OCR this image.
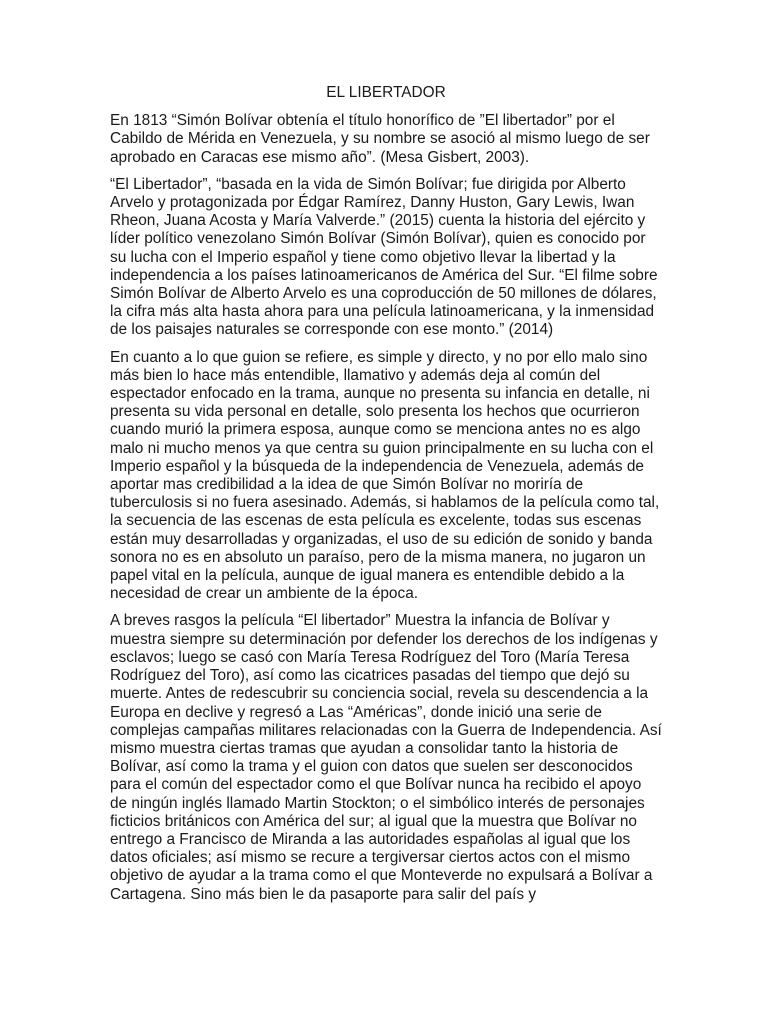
EL LIBERTADOR

En 1813 “Simón Bolívar obtenía el título honorífico de ”El libertador” por el Cabildo de Mérida en Venezuela, y su nombre se asoció al mismo luego de ser aprobado en Caracas ese mismo año”. (Mesa Gisbert, 2003).

“El Libertador”, “basada en la vida de Simón Bolívar; fue dirigida por Alberto Arvelo y protagonizada por Édgar Ramírez, Danny Huston, Gary Lewis, Iwan Rheon, Juana Acosta y María Valverde.” (2015) cuenta la historia del ejército y líder político venezolano Simón Bolívar (Simón Bolívar), quien es conocido por su lucha con el Imperio español y tiene como objetivo llevar la libertad y la independencia a los países latinoamericanos de América del Sur. “El filme sobre Simón Bolívar de Alberto Arvelo es una coproducción de 50 millones de dólares, la cifra más alta hasta ahora para una película latinoamericana, y la inmensidad de los paisajes naturales se corresponde con ese monto.” (2014)

En cuanto a lo que guion se refiere, es simple y directo, y no por ello malo sino más bien lo hace más entendible, llamativo y además deja al común del espectador enfocado en la trama, aunque no presenta su infancia en detalle, ni presenta su vida personal en detalle, solo presenta los hechos que ocurrieron cuando murió la primera esposa, aunque como se menciona antes no es algo malo ni mucho menos ya que centra su guion principalmente en su lucha con el Imperio español y la búsqueda de la independencia de Venezuela, además de aportar mas credibilidad a la idea de que Simón Bolívar no moriría de tuberculosis si no fuera asesinado. Además, si hablamos de la película como tal, la secuencia de las escenas de esta película es excelente, todas sus escenas están muy desarrolladas y organizadas, el uso de su edición de sonido y banda sonora no es en absoluto un paraíso, pero de la misma manera, no jugaron un papel vital en la película, aunque de igual manera es entendible debido a la necesidad de crear un ambiente de la época.

A breves rasgos la película “El libertador” Muestra la infancia de Bolívar y muestra siempre su determinación por defender los derechos de los indígenas y esclavos; luego se casó con María Teresa Rodríguez del Toro (María Teresa Rodríguez del Toro), así como las cicatrices pasadas del tiempo que dejó su muerte. Antes de redescubrir su conciencia social, revela su descendencia a la Europa en declive y regresó a Las “Américas”, donde inició una serie de complejas campañas militares relacionadas con la Guerra de Independencia. Así mismo muestra ciertas tramas que ayudan a consolidar tanto la historia de Bolívar, así como la trama y el guion con datos que suelen ser desconocidos para el común del espectador como el que Bolívar nunca ha recibido el apoyo de ningún inglés llamado Martin Stockton; o el simbólico interés de personajes ficticios británicos con América del sur; al igual que la muestra que Bolívar no entrego a Francisco de Miranda a las autoridades españolas al igual que los datos oficiales; así mismo se recure a tergiversar ciertos actos con el mismo objetivo de ayudar a la trama como el que Monteverde no expulsará a Bolívar a Cartagena. Sino más bien le da pasaporte para salir del país y
